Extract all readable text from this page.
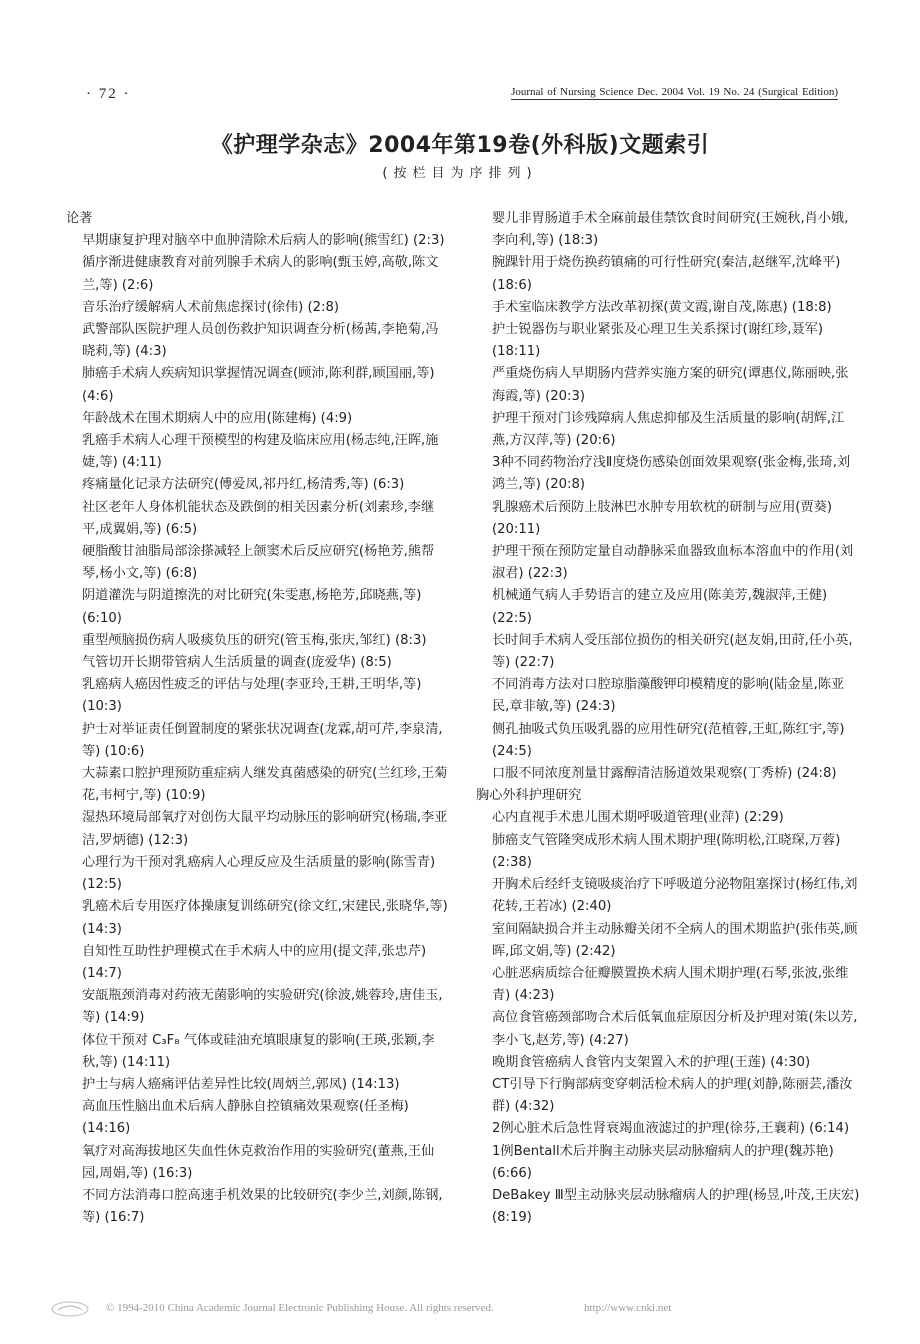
· 72 ·	Journal of Nursing Science Dec. 2004 Vol. 19 No. 24 (Surgical Edition)
《护理学杂志》2004年第19卷(外科版)文题索引
(按栏目为序排列)

论著

早期康复护理对脑卒中血肿清除术后病人的影响(熊雪红) (2:3)

循序渐进健康教育对前列腺手术病人的影响(甄玉婷,高敬,陈文兰,等) (2:6)

音乐治疗缓解病人术前焦虑探讨(徐伟) (2:8)

武警部队医院护理人员创伤救护知识调查分析(杨茜,李艳菊,冯晓莉,等) (4:3)

肺癌手术病人疾病知识掌握情况调查(顾沛,陈利群,顾国丽,等) (4:6)

年龄战术在围术期病人中的应用(陈建梅) (4:9)

乳癌手术病人心理干预模型的构建及临床应用(杨志纯,汪晖,施婕,等) (4:11)

疼痛量化记录方法研究(傅爱凤,祁丹红,杨清秀,等) (6:3)

社区老年人身体机能状态及跌倒的相关因素分析(刘素珍,李继平,成翼娟,等) (6:5)

硬脂酸甘油脂局部涂搽减轻上颌窦术后反应研究(杨艳芳,熊帮琴,杨小文,等) (6:8)

阴道灌洗与阴道擦洗的对比研究(朱雯惠,杨艳芳,邱晓燕,等) (6:10)

重型颅脑损伤病人吸痰负压的研究(管玉梅,张庆,邹红) (8:3)

气管切开长期带管病人生活质量的调查(庞爱华) (8:5)

乳癌病人癌因性疲乏的评估与处理(李亚玲,王耕,王明华,等) (10:3)

护士对举证责任倒置制度的紧张状况调查(龙霖,胡可芹,李泉清,等) (10:6)

大蒜素口腔护理预防重症病人继发真菌感染的研究(兰红珍,王菊花,韦柯宁,等) (10:9)

湿热环境局部氧疗对创伤大鼠平均动脉压的影响研究(杨瑞,李亚洁,罗炳德) (12:3)

心理行为干预对乳癌病人心理反应及生活质量的影响(陈雪青) (12:5)

乳癌术后专用医疗体操康复训练研究(徐文红,宋建民,张晓华,等) (14:3)

自知性互助性护理模式在手术病人中的应用(提文萍,张忠芹) (14:7)

安瓿瓶颈消毒对药液无菌影响的实验研究(徐波,姚蓉玲,唐佳玉,等) (14:9)

体位干预对 C₃F₈ 气体或硅油充填眼康复的影响(王瑛,张颖,李秋,等) (14:11)

护士与病人癌痛评估差异性比较(周炳兰,郭凤) (14:13)

高血压性脑出血术后病人静脉自控镇痛效果观察(任圣梅) (14:16)

氧疗对高海拔地区失血性休克救治作用的实验研究(董燕,王仙园,周娟,等) (16:3)

不同方法消毒口腔高速手机效果的比较研究(李少兰,刘颜,陈钢,等) (16:7)

婴儿非胃肠道手术全麻前最佳禁饮食时间研究(王婉秋,肖小娥,李向利,等) (18:3)

腕踝针用于烧伤换药镇痛的可行性研究(秦洁,赵继军,沈峰平) (18:6)

手术室临床教学方法改革初探(黄文霞,谢自茂,陈惠) (18:8)

护士锐器伤与职业紧张及心理卫生关系探讨(谢红珍,聂军) (18:11)

严重烧伤病人早期肠内营养实施方案的研究(谭惠仪,陈丽映,张海霞,等) (20:3)

护理干预对门诊残障病人焦虑抑郁及生活质量的影响(胡辉,江燕,方汉萍,等) (20:6)

3种不同药物治疗浅Ⅱ度烧伤感染创面效果观察(张金梅,张琦,刘鸿兰,等) (20:8)

乳腺癌术后预防上肢淋巴水肿专用软枕的研制与应用(贾葵) (20:11)

护理干预在预防定量自动静脉采血器致血标本溶血中的作用(刘淑君) (22:3)

机械通气病人手势语言的建立及应用(陈美芳,魏淑萍,王健) (22:5)

长时间手术病人受压部位损伤的相关研究(赵友娟,田莳,任小英,等) (22:7)

不同消毒方法对口腔琼脂藻酸钾印模精度的影响(陆金星,陈亚民,章非敏,等) (24:3)

侧孔抽吸式负压吸乳器的应用性研究(范植蓉,王虹,陈红宇,等) (24:5)

口服不同浓度剂量甘露醇清洁肠道效果观察(丁秀桥) (24:8)

胸心外科护理研究

心内直视手术患儿围术期呼吸道管理(业萍) (2:29)

肺癌支气管隆突成形术病人围术期护理(陈明松,江晓琛,万蓉) (2:38)

开胸术后经纤支镜吸痰治疗下呼吸道分泌物阻塞探讨(杨红伟,刘花转,王若冰) (2:40)

室间隔缺损合并主动脉瓣关闭不全病人的围术期监护(张伟英,顾晖,邱文娟,等) (2:42)

心脏恶病质综合征瓣膜置换术病人围术期护理(石琴,张波,张维青) (4:23)

高位食管癌颈部吻合术后低氧血症原因分析及护理对策(朱以芳,李小飞,赵芳,等) (4:27)

晚期食管癌病人食管内支架置入术的护理(王莲) (4:30)

CT引导下行胸部病变穿刺活检术病人的护理(刘静,陈丽芸,潘汝群) (4:32)

2例心脏术后急性肾衰竭血液滤过的护理(徐芬,王襄莉) (6:14)

1例Bentall术后并胸主动脉夹层动脉瘤病人的护理(魏苏艳) (6:66)

DeBakey Ⅲ型主动脉夹层动脉瘤病人的护理(杨昱,叶茂,王庆宏) (8:19)

© 1994-2010 China Academic Journal Electronic Publishing House. All rights reserved.	http://www.cnki.net
